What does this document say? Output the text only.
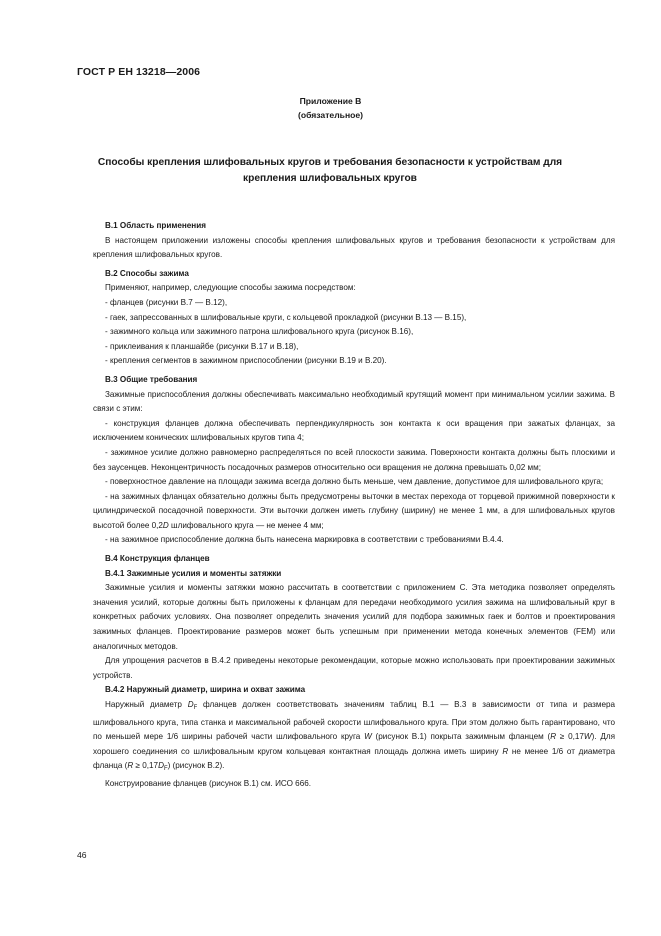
ГОСТ Р ЕН 13218—2006
Приложение В
(обязательное)
Способы крепления шлифовальных кругов и требования безопасности к устройствам для крепления шлифовальных кругов

В.1 Область применения

В настоящем приложении изложены способы крепления шлифовальных кругов и требования безопасности к устройствам для крепления шлифовальных кругов.

В.2 Способы зажима

Применяют, например, следующие способы зажима посредством:

- фланцев (рисунки В.7 — В.12),

- гаек, запрессованных в шлифовальные круги, с кольцевой прокладкой (рисунки В.13 — В.15),

- зажимного кольца или зажимного патрона шлифовального круга (рисунок В.16),

- приклеивания к планшайбе (рисунки В.17 и В.18),

- крепления сегментов в зажимном приспособлении (рисунки В.19 и В.20).

В.3 Общие требования

Зажимные приспособления должны обеспечивать максимально необходимый крутящий момент при минимальном усилии зажима. В связи с этим:

- конструкция фланцев должна обеспечивать перпендикулярность зон контакта к оси вращения при зажатых фланцах, за исключением конических шлифовальных кругов типа 4;

- зажимное усилие должно равномерно распределяться по всей плоскости зажима. Поверхности контакта должны быть плоскими и без заусенцев. Неконцентричность посадочных размеров относительно оси вращения не должна превышать 0,02 мм;

- поверхностное давление на площади зажима всегда должно быть меньше, чем давление, допустимое для шлифовального круга;

- на зажимных фланцах обязательно должны быть предусмотрены выточки в местах перехода от торцевой прижимной поверхности к цилиндрической посадочной поверхности. Эти выточки должен иметь глубину (ширину) не менее 1 мм, а для шлифовальных кругов высотой более 0,2D шлифовального круга — не менее 4 мм;

- на зажимное приспособление должна быть нанесена маркировка в соответствии с требованиями В.4.4.

В.4 Конструкция фланцев

В.4.1 Зажимные усилия и моменты затяжки

Зажимные усилия и моменты затяжки можно рассчитать в соответствии с приложением С. Эта методика позволяет определять значения усилий, которые должны быть приложены к фланцам для передачи необходимого усилия зажима на шлифовальный круг в конкретных рабочих условиях. Она позволяет определить значения усилий для подбора зажимных гаек и болтов и проектирования зажимных фланцев. Проектирование размеров может быть успешным при применении метода конечных элементов (FEM) или аналогичных методов.

Для упрощения расчетов в В.4.2 приведены некоторые рекомендации, которые можно использовать при проектировании зажимных устройств.

В.4.2 Наружный диаметр, ширина и охват зажима

Наружный диаметр $D_F$ фланцев должен соответствовать значениям таблиц В.1 — В.3 в зависимости от типа и размера шлифовального круга, типа станка и максимальной рабочей скорости шлифовального круга. При этом должно быть гарантировано, что по меньшей мере 1/6 ширины рабочей части шлифовального круга W (рисунок В.1) покрыта зажимным фланцем (R ≥ 0,17W). Для хорошего соединения со шлифовальным кругом кольцевая контактная площадь должна иметь ширину R не менее 1/6 от диаметра фланца $(R \ge 0,17D_F)$ (рисунок В.2).

Конструирование фланцев (рисунок В.1) см. ИСО 666.

46
